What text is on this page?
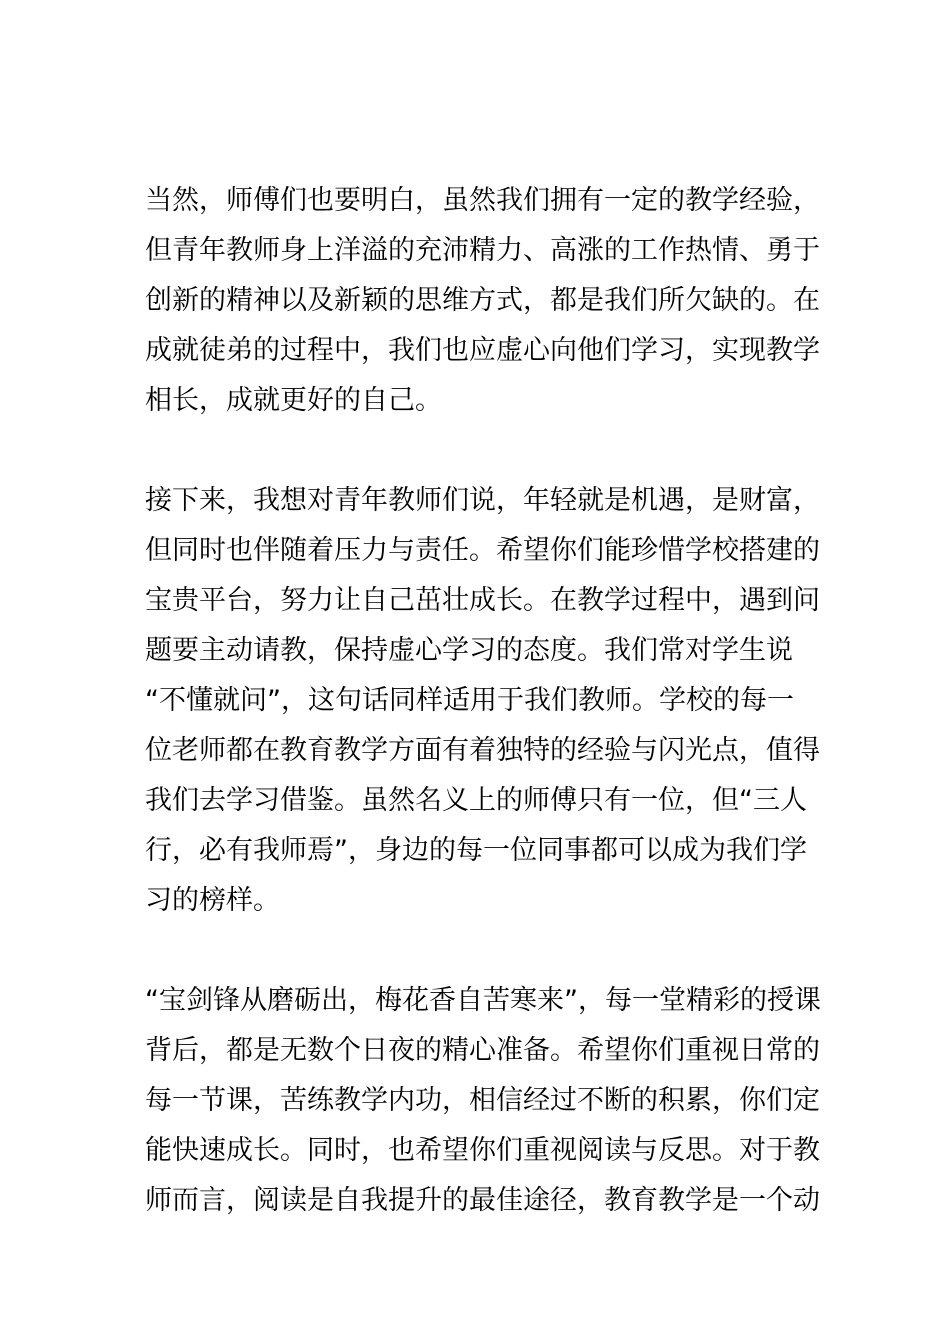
当然，师傅们也要明白，虽然我们拥有一定的教学经验，
但青年教师身上洋溢的充沛精力、高涨的工作热情、勇于
创新的精神以及新颖的思维方式，都是我们所欠缺的。在
成就徒弟的过程中，我们也应虚心向他们学习，实现教学
相长，成就更好的自己。

接下来，我想对青年教师们说，年轻就是机遇，是财富，
但同时也伴随着压力与责任。希望你们能珍惜学校搭建的
宝贵平台，努力让自己茁壮成长。在教学过程中，遇到问
题要主动请教，保持虚心学习的态度。我们常对学生说
“不懂就问”，这句话同样适用于我们教师。学校的每一
位老师都在教育教学方面有着独特的经验与闪光点，值得
我们去学习借鉴。虽然名义上的师傅只有一位，但“三人
行，必有我师焉”，身边的每一位同事都可以成为我们学
习的榜样。

“宝剑锋从磨砺出，梅花香自苦寒来”，每一堂精彩的授课
背后，都是无数个日夜的精心准备。希望你们重视日常的
每一节课，苦练教学内功，相信经过不断的积累，你们定
能快速成长。同时，也希望你们重视阅读与反思。对于教
师而言，阅读是自我提升的最佳途径，教育教学是一个动
